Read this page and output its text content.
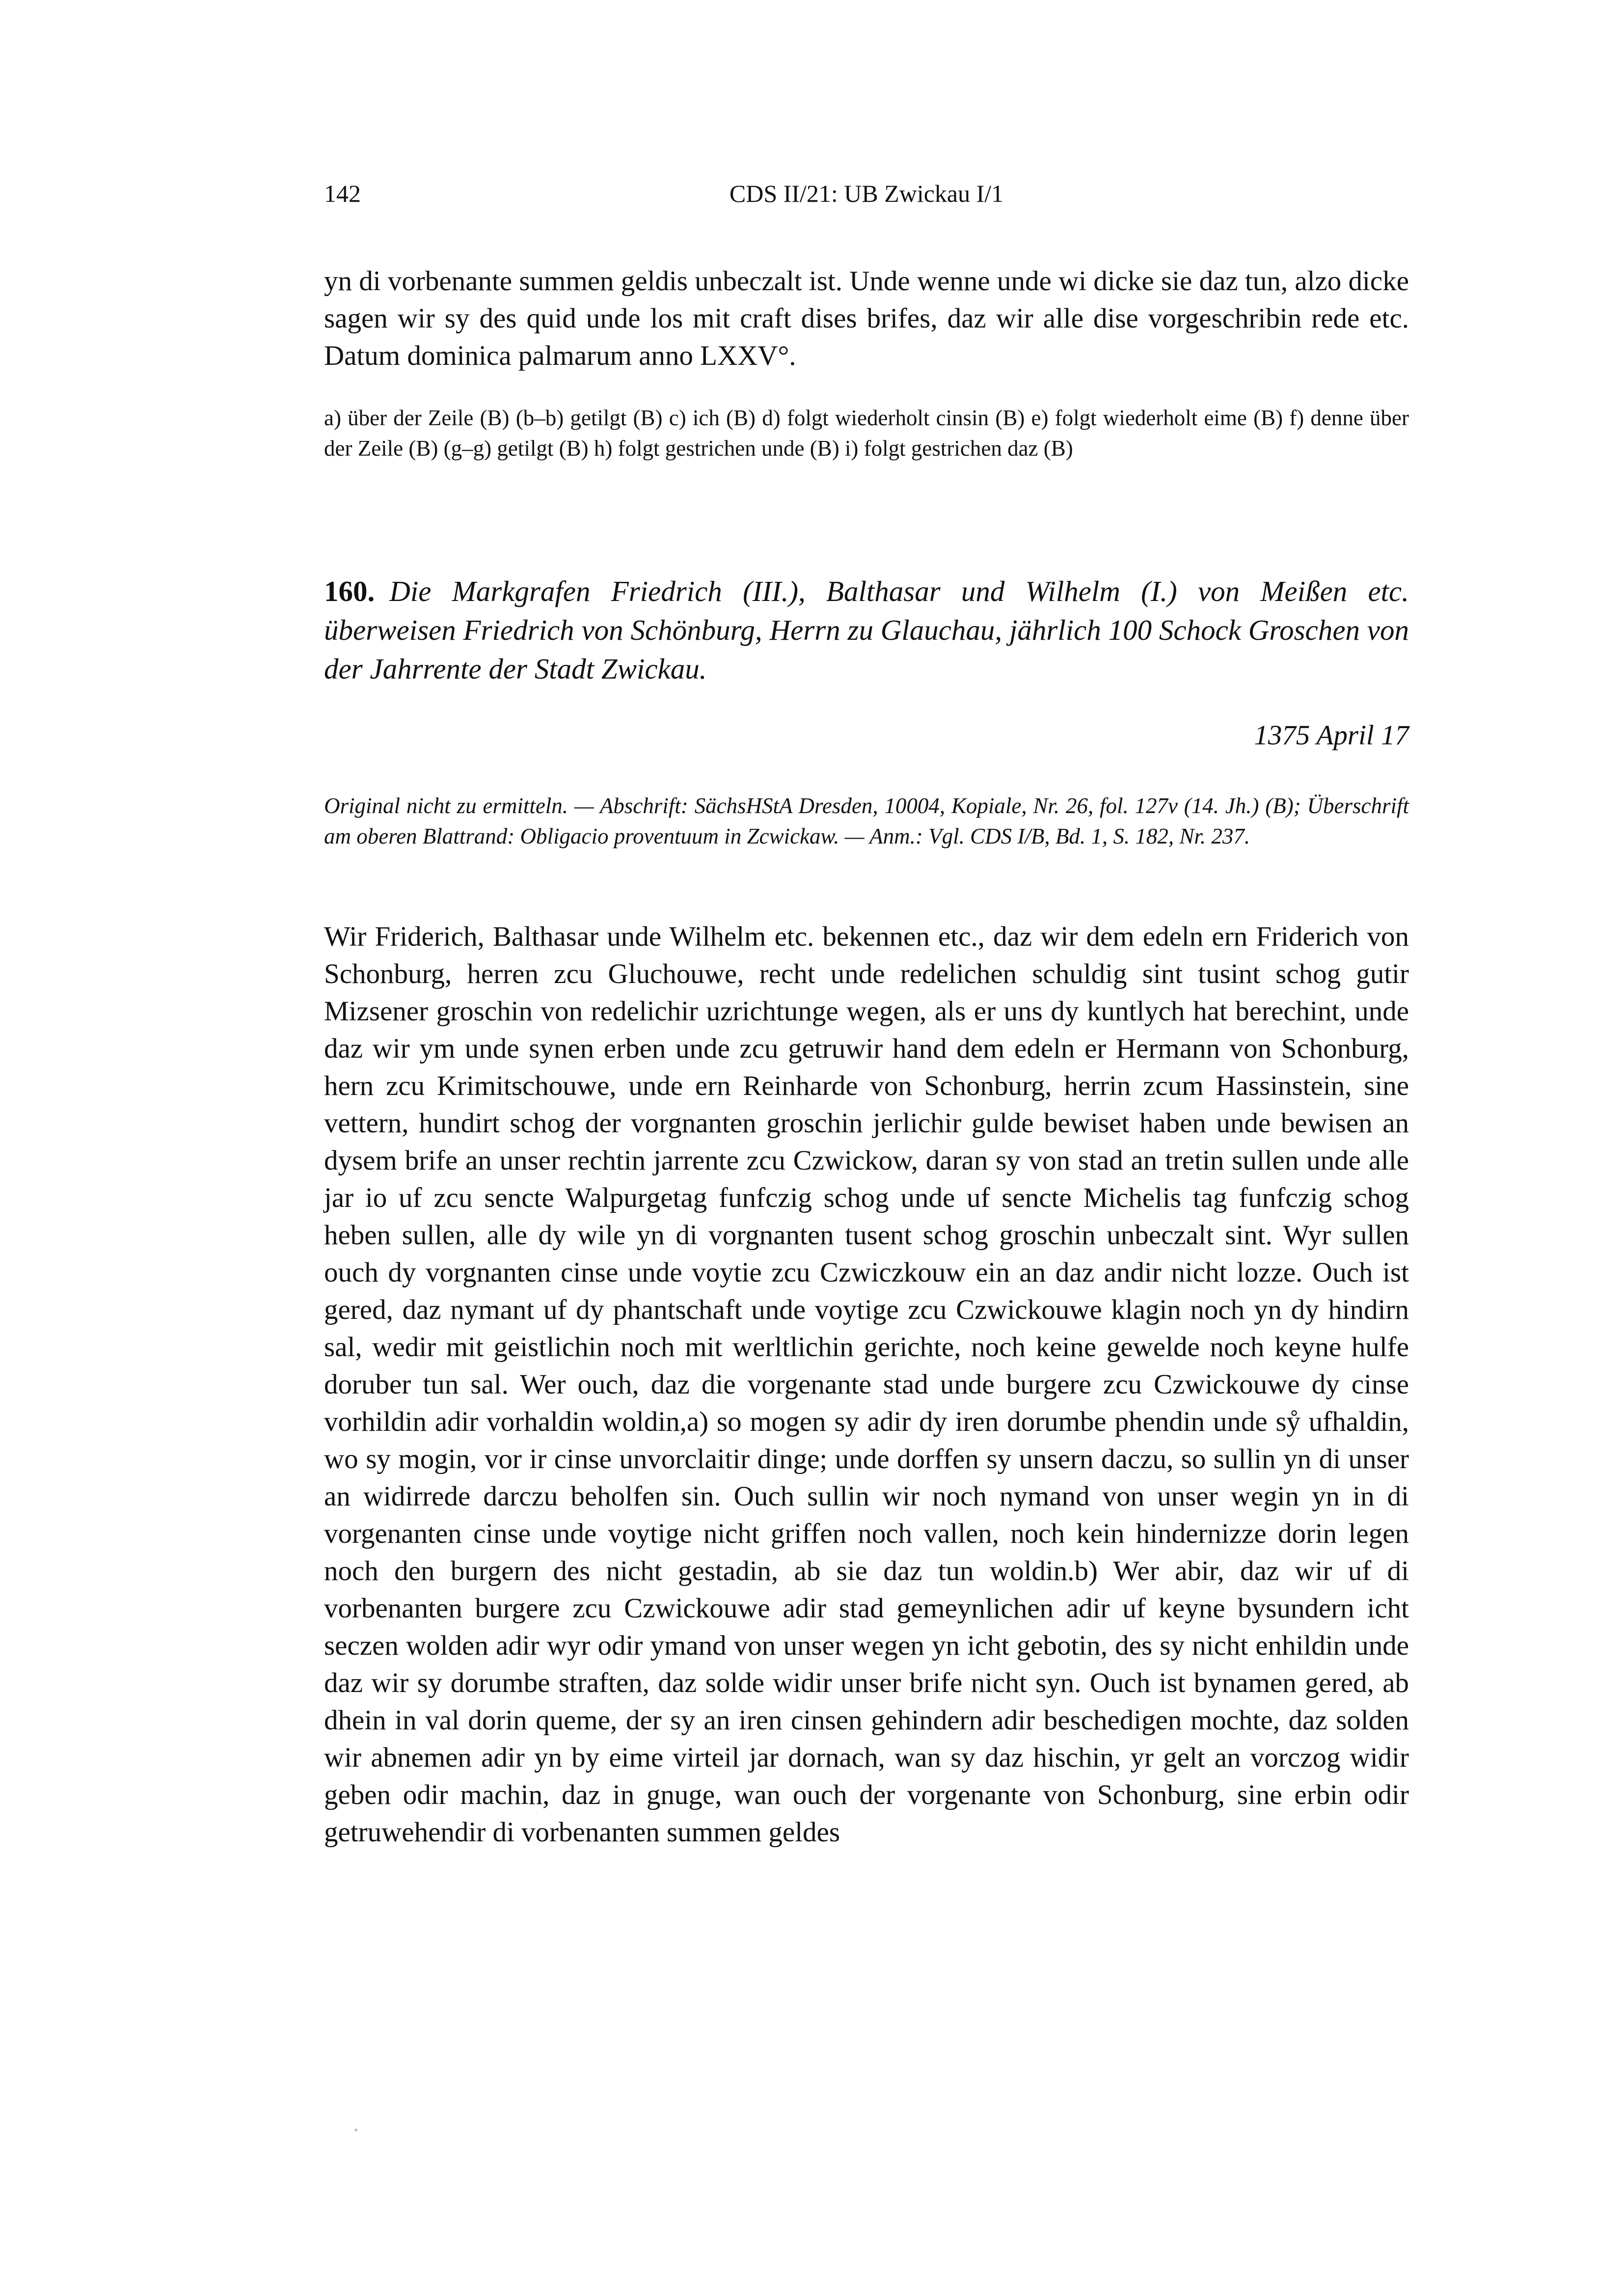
142	CDS II/21: UB Zwickau I/1

yn di vorbenante summen geldis unbeczalt ist. Unde wenne unde wi dicke sie daz tun, alzo dicke sagen wir sy des quid unde los mit craft dises brifes, daz wir alle dise vorgeschribin rede etc. Datum dominica palmarum anno LXXV°.

a) über der Zeile (B) (b–b) getilgt (B) c) ich (B) d) folgt wiederholt cinsin (B) e) folgt wiederholt eime (B) f) denne über der Zeile (B) (g–g) getilgt (B) h) folgt gestrichen unde (B) i) folgt gestrichen daz (B)

160. Die Markgrafen Friedrich (III.), Balthasar und Wilhelm (I.) von Meißen etc. überweisen Friedrich von Schönburg, Herrn zu Glauchau, jährlich 100 Schock Groschen von der Jahrrente der Stadt Zwickau.

1375 April 17

Original nicht zu ermitteln. — Abschrift: SächsHStA Dresden, 10004, Kopiale, Nr. 26, fol. 127v (14. Jh.) (B); Überschrift am oberen Blattrand: Obligacio proventuum in Zcwickaw. — Anm.: Vgl. CDS I/B, Bd. 1, S. 182, Nr. 237.

Wir Friderich, Balthasar unde Wilhelm etc. bekennen etc., daz wir dem edeln ern Friderich von Schonburg, herren zcu Gluchouwe, recht unde redelichen schuldig sint tusint schog gutir Mizsener groschin von redelichir uzrichtunge wegen, als er uns dy kuntlych hat berechint, unde daz wir ym unde synen erben unde zcu getruwir hand dem edeln er Hermann von Schonburg, hern zcu Krimitschouwe, unde ern Reinharde von Schonburg, herrin zcum Hassinstein, sine vettern, hundirt schog der vorgnanten groschin jerlichir gulde bewiset haben unde bewisen an dysem brife an unser rechtin jarrente zcu Czwickow, daran sy von stad an tretin sullen unde alle jar io uf zcu sencte Walpurgetag funfczig schog unde uf sencte Michelis tag funfczig schog heben sullen, alle dy wile yn di vorgnanten tusent schog groschin unbeczalt sint. Wyr sullen ouch dy vorgnanten cinse unde voytie zcu Czwiczkouw ein an daz andir nicht lozze. Ouch ist gered, daz nymant uf dy phantschaft unde voytige zcu Czwickouwe klagin noch yn dy hindirn sal, wedir mit geistlichin noch mit werltlichin gerichte, noch keine gewelde noch keyne hulfe doruber tun sal. Wer ouch, daz die vorgenante stad unde burgere zcu Czwickouwe dy cinse vorhildin adir vorhaldin woldin,a) so mogen sy adir dy iren dorumbe phendin unde sẙ ufhaldin, wo sy mogin, vor ir cinse unvorclaitir dinge; unde dorffen sy unsern daczu, so sullin yn di unser an widirrede darczu beholfen sin. Ouch sullin wir noch nymand von unser wegin yn in di vorgenanten cinse unde voytige nicht griffen noch vallen, noch kein hindernizze dorin legen noch den burgern des nicht gestadin, ab sie daz tun woldin.b) Wer abir, daz wir uf di vorbenanten burgere zcu Czwickouwe adir stad gemeynlichen adir uf keyne bysundern icht seczen wolden adir wyr odir ymand von unser wegen yn icht gebotin, des sy nicht enhildin unde daz wir sy dorumbe straften, daz solde widir unser brife nicht syn. Ouch ist bynamen gered, ab dhein in val dorin queme, der sy an iren cinsen gehindern adir beschedigen mochte, daz solden wir abnemen adir yn by eime virteil jar dornach, wan sy daz hischin, yr gelt an vorczog widir geben odir machin, daz in gnuge, wan ouch der vorgenante von Schonburg, sine erbin odir getruwehendir di vorbenanten summen geldes
